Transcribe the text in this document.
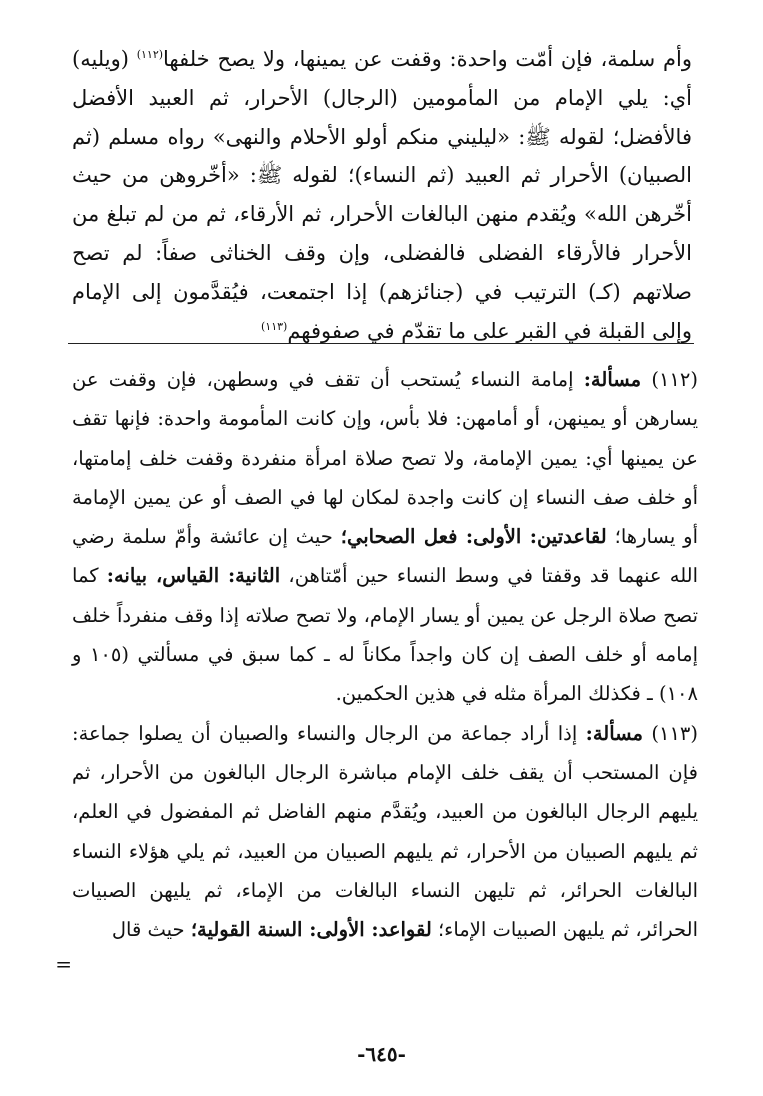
وأم سلمة، فإن أمّت واحدة: وقفت عن يمينها، ولا يصح خلفها$^{(١١٢)}$ (ويليه) أي: يلي الإمام من المأمومين (الرجال) الأحرار، ثم العبيد الأفضل فالأفضل؛ لقوله ﷺ: «ليليني منكم أولو الأحلام والنهى» رواه مسلم (ثم الصبيان) الأحرار ثم العبيد (ثم النساء)؛ لقوله ﷺ: «أخّروهن من حيث أخّرهن الله» ويُقدم منهن البالغات الأحرار، ثم الأرقاء، ثم من لم تبلغ من الأحرار فالأرقاء الفضلى فالفضلى، وإن وقف الخناثى صفاً: لم تصح صلاتهم (كـ) الترتيب في (جنائزهم) إذا اجتمعت، فيُقدَّمون إلى الإمام وإلى القبلة في القبر على ما تقدّم في صفوفهم$^{(١١٣)}$

(١١٢) مسألة: إمامة النساء يُستحب أن تقف في وسطهن، فإن وقفت عن يسارهن أو يمينهن، أو أمامهن: فلا بأس، وإن كانت المأمومة واحدة: فإنها تقف عن يمينها أي: يمين الإمامة، ولا تصح صلاة امرأة منفردة وقفت خلف إمامتها، أو خلف صف النساء إن كانت واجدة لمكان لها في الصف أو عن يمين الإمامة أو يسارها؛ لقاعدتين: الأولى: فعل الصحابي؛ حيث إن عائشة وأمّ سلمة رضي الله عنهما قد وقفتا في وسط النساء حين أمّتاهن، الثانية: القياس، بيانه: كما تصح صلاة الرجل عن يمين أو يسار الإمام، ولا تصح صلاته إذا وقف منفرداً خلف إمامه أو خلف الصف إن كان واجداً مكاناً له ـ كما سبق في مسألتي (١٠٥ و ١٠٨) ـ فكذلك المرأة مثله في هذين الحكمين.

(١١٣) مسألة: إذا أراد جماعة من الرجال والنساء والصبيان أن يصلوا جماعة: فإن المستحب أن يقف خلف الإمام مباشرة الرجال البالغون من الأحرار، ثم يليهم الرجال البالغون من العبيد، ويُقدَّم منهم الفاضل ثم المفضول في العلم، ثم يليهم الصبيان من الأحرار، ثم يليهم الصبيان من العبيد، ثم يلي هؤلاء النساء البالغات الحرائر، ثم تليهن النساء البالغات من الإماء، ثم يليهن الصبيات الحرائر، ثم يليهن الصبيات الإماء؛ لقواعد: الأولى: السنة القولية؛ حيث قال

=
-٦٤٥-
